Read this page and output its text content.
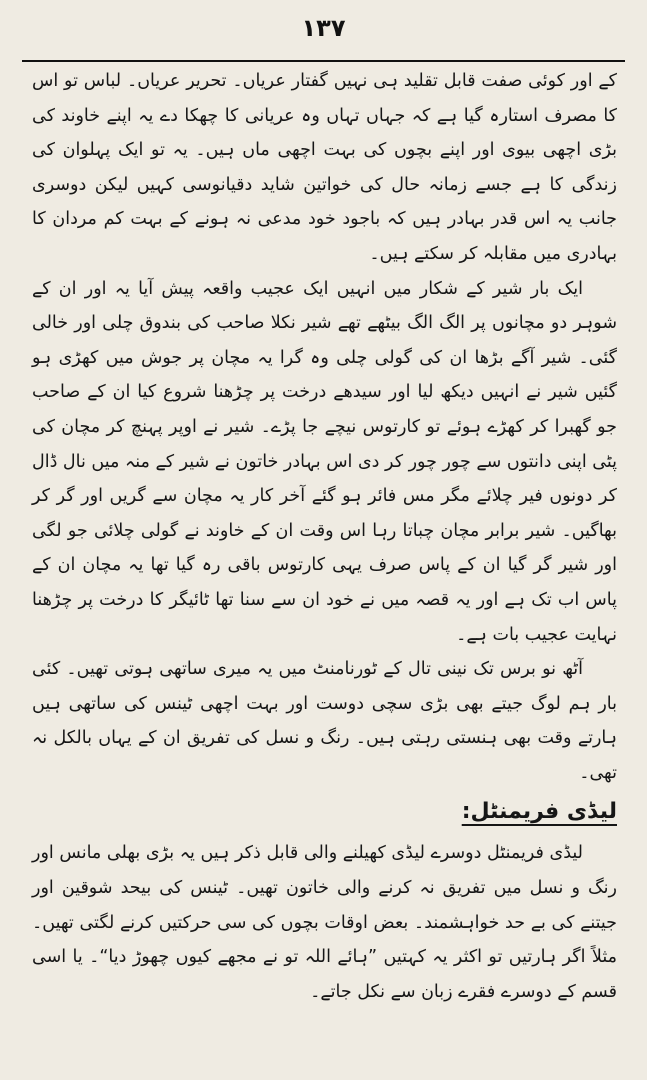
۱۳۷

کے اور کوئی صفت قابل تقلید ہی نہیں گفتار عریاں۔ تحریر عریاں۔ لباس تو اس کا مصرف استارہ گیا ہے کہ جہاں تہاں وہ عریانی کا چھکا دے یہ اپنے خاوند کی بڑی اچھی بیوی اور اپنے بچوں کی بہت اچھی ماں ہیں۔ یہ تو ایک پہلوان کی زندگی کا ہے جسے زمانہ حال کی خواتین شاید دقیانوسی کہیں لیکن دوسری جانب یہ اس قدر بہادر ہیں کہ باجود خود مدعی نہ ہونے کے بہت کم مردان کا بہادری میں مقابلہ کر سکتے ہیں۔

ایک بار شیر کے شکار میں انہیں ایک عجیب واقعہ پیش آیا یہ اور ان کے شوہر دو مچانوں پر الگ الگ بیٹھے تھے شیر نکلا صاحب کی بندوق چلی اور خالی گئی۔ شیر آگے بڑھا ان کی گولی چلی وہ گرا یہ مچان پر جوش میں کھڑی ہو گئیں شیر نے انہیں دیکھ لیا اور سیدھے درخت پر چڑھنا شروع کیا ان کے صاحب جو گھبرا کر کھڑے ہوئے تو کارتوس نیچے جا پڑے۔ شیر نے اوپر پہنچ کر مچان کی پٹی اپنی دانتوں سے چور چور کر دی اس بہادر خاتون نے شیر کے منہ میں نال ڈال کر دونوں فیر چلائے مگر مس فائر ہو گئے آخر کار یہ مچان سے گریں اور گر کر بھاگیں۔ شیر برابر مچان چباتا رہا اس وقت ان کے خاوند نے گولی چلائی جو لگی اور شیر گر گیا ان کے پاس صرف یہی کارتوس باقی رہ گیا تھا یہ مچان ان کے پاس اب تک ہے اور یہ قصہ میں نے خود ان سے سنا تھا ٹائیگر کا درخت پر چڑھنا نہایت عجیب بات ہے۔

آٹھ نو برس تک نینی تال کے ٹورنامنٹ میں یہ میری ساتھی ہوتی تھیں۔ کئی بار ہم لوگ جیتے بھی بڑی سچی دوست اور بہت اچھی ٹینس کی ساتھی ہیں ہارتے وقت بھی ہنستی رہتی ہیں۔ رنگ و نسل کی تفریق ان کے یہاں بالکل نہ تھی۔

لیڈی فریمنٹل:

لیڈی فریمنٹل دوسرے لیڈی کھیلنے والی قابل ذکر ہیں یہ بڑی بھلی مانس اور رنگ و نسل میں تفریق نہ کرنے والی خاتون تھیں۔ ٹینس کی بیحد شوقین اور جیتنے کی بے حد خواہشمند۔ بعض اوقات بچوں کی سی حرکتیں کرنے لگتی تھیں۔ مثلاً اگر ہارتیں تو اکثر یہ کہتیں ”ہائے اللہ تو نے مجھے کیوں چھوڑ دیا“۔ یا اسی قسم کے دوسرے فقرے زبان سے نکل جاتے۔
